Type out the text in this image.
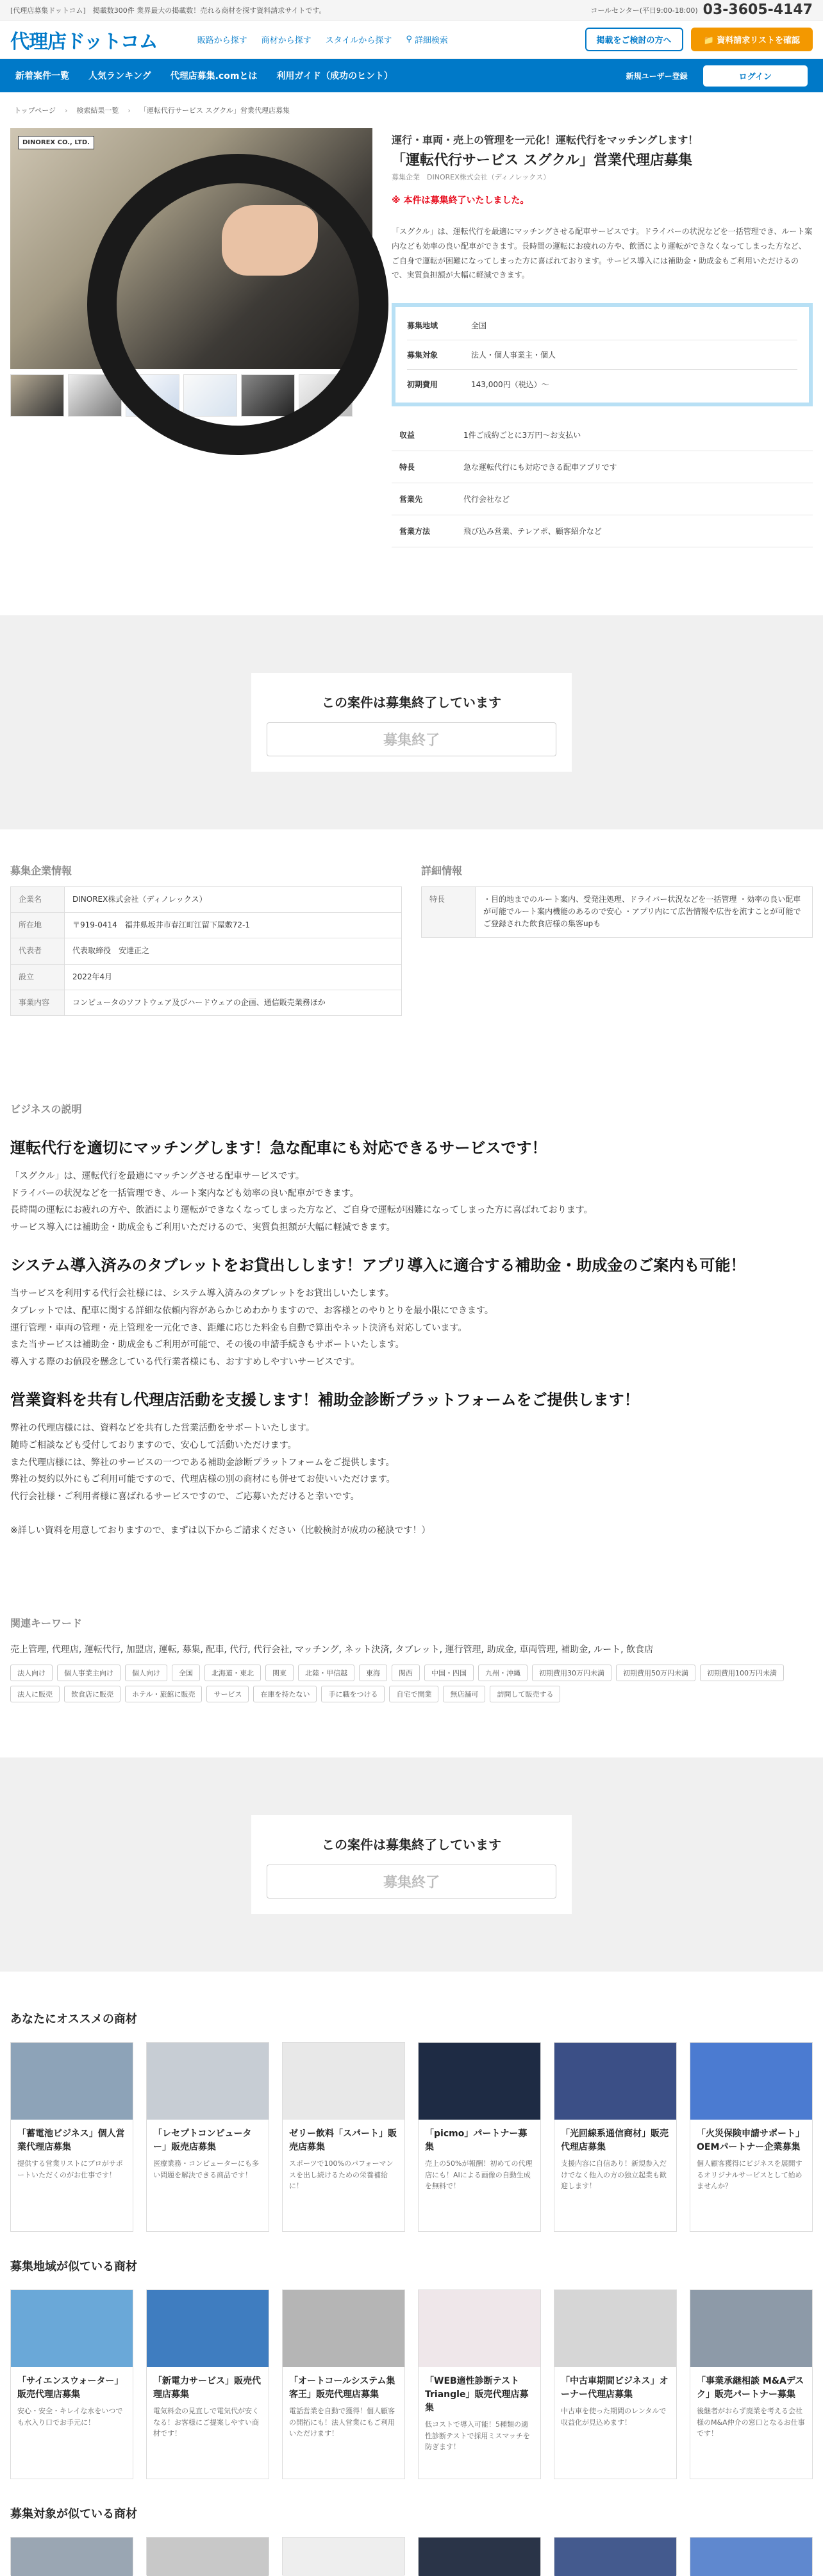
[代理店募集ドットコム]　掲載数300件 業界最大の掲載数！売れる商材を探す資料請求サイトです。	コールセンター(平日9:00-18:00) 03-3605-4147
代理店ドットコム	販路から探す 商材から探す スタイルから探す ⚲ 詳細検索	掲載をご検討の方へ	📁 資料請求リストを確認
新着案件一覧 人気ランキング 代理店募集.comとは 利用ガイド（成功のヒント）	新規ユーザー登録	ログイン
トップページ › 検索結果一覧 › 「運転代行サービス スグクル」営業代理店募集
DINOREX CO., LTD.	運行・車両・売上の管理を一元化！運転代行をマッチングします！
「運転代行サービス スグクル」営業代理店募集
募集企業　DINOREX株式会社（ディノレックス）
※ 本件は募集終了いたしました。

「スグクル」は、運転代行を最適にマッチングさせる配車サービスです。ドライバーの状況などを一括管理でき、ルート案内なども効率の良い配車ができます。長時間の運転にお疲れの方や、飲酒により運転ができなくなってしまった方など、ご自身で運転が困難になってしまった方に喜ばれております。サービス導入には補助金・助成金もご利用いただけるので、実質負担額が大幅に軽減できます。

募集地域	全国
募集対象	法人・個人事業主・個人
初期費用	143,000円（税込）～
収益	1件ご成約ごとに3万円〜お支払い
特長	急な運転代行にも対応できる配車アプリです
営業先	代行会社など
営業方法	飛び込み営業、テレアポ、顧客紹介など
この案件は募集終了しています
募集終了
募集企業情報
企業名	DINOREX株式会社（ディノレックス）
所在地	〒919-0414　福井県坂井市春江町江留下屋敷72-1
代表者	代表取締役　安達正之
設立	2022年4月
事業内容	コンピュータのソフトウェア及びハードウェアの企画、通信販売業務ほか
詳細情報
特長	・目的地までのルート案内、受発注処理、ドライバー状況などを一括管理 ・効率の良い配車が可能でルート案内機能のあるので安心 ・アプリ内にて広告情報や広告を流すことが可能でご登録された飲食店様の集客upも
ビジネスの説明
運転代行を適切にマッチングします！急な配車にも対応できるサービスです！

「スグクル」は、運転代行を最適にマッチングさせる配車サービスです。

ドライバーの状況などを一括管理でき、ルート案内なども効率の良い配車ができます。

長時間の運転にお疲れの方や、飲酒により運転ができなくなってしまった方など、ご自身で運転が困難になってしまった方に喜ばれております。

サービス導入には補助金・助成金もご利用いただけるので、実質負担額が大幅に軽減できます。

システム導入済みのタブレットをお貸出しします！アプリ導入に適合する補助金・助成金のご案内も可能！

当サービスを利用する代行会社様には、システム導入済みのタブレットをお貸出しいたします。

タブレットでは、配車に関する詳細な依頼内容があらかじめわかりますので、お客様とのやりとりを最小限にできます。

運行管理・車両の管理・売上管理を一元化でき、距離に応じた料金も自動で算出やネット決済も対応しています。

また当サービスは補助金・助成金もご利用が可能で、その後の申請手続きもサポートいたします。

導入する際のお値段を懸念している代行業者様にも、おすすめしやすいサービスです。

営業資料を共有し代理店活動を支援します！補助金診断プラットフォームをご提供します！

弊社の代理店様には、資料などを共有した営業活動をサポートいたします。

随時ご相談なども受付しておりますので、安心して活動いただけます。

また代理店様には、弊社のサービスの一つである補助金診断プラットフォームをご提供します。

弊社の契約以外にもご利用可能ですので、代理店様の別の商材にも併せてお使いいただけます。

代行会社様・ご利用者様に喜ばれるサービスですので、ご応募いただけると幸いです。

※詳しい資料を用意しておりますので、まずは以下からご請求ください（比較検討が成功の秘訣です！）

関連キーワード
売上管理, 代理店, 運転代行, 加盟店, 運転, 募集, 配車, 代行, 代行会社, マッチング, ネット決済, タブレット, 運行管理, 助成金, 車両管理, 補助金, ルート, 飲食店
法人向け	個人事業主向け	個人向け	全国	北海道・東北	関東	北陸・甲信越	東海	関西	中国・四国	九州・沖縄	初期費用30万円未満	初期費用50万円未満	初期費用100万円未満
法人に販売	飲食店に販売	ホテル・旅館に販売	サービス	在庫を持たない	手に職をつける	自宅で開業	無店舗可	訪問して販売する
この案件は募集終了しています
募集終了
あなたにオススメの商材
「蓄電池ビジネス」個人営業代理店募集
提供する営業リストにプロがサポートいただくのがお仕事です！
「レセプトコンピューター」販売店募集
医療業務・コンピューターにも多い問題を解決できる商品です！
ゼリー飲料「スパート」販売店募集
スポーツで100%のパフォーマンスを出し続けるための栄養補給に！
「picmo」パートナー募集
売上の50%が報酬！初めての代理店にも！AIによる画像の自動生成を無料で！
「光回線系通信商材」販売代理店募集
支援内容に自信あり！新規参入だけでなく他入の方の独立起業も歓迎します！
「火災保険申請サポート」OEMパートナー企業募集
個人顧客獲得にビジネスを展開するオリジナルサービスとして始めませんか？
募集地域が似ている商材
「サイエンスウォーター」販売代理店募集
安心・安全・キレイな水をいつでも水入り口でお手元に！
「新電力サービス」販売代理店募集
電気料金の見直しで電気代が安くなる！お客様にご提案しやすい商材です！
「オートコールシステム集客王」販売代理店募集
電話営業を自動で獲得！個人顧客の開拓にも！法人営業にもご利用いただけます！
「WEB適性診断テスト Triangle」販売代理店募集
低コストで導入可能！5種類の適性診断テストで採用ミスマッチを防ぎます！
「中古車期間ビジネス」オーナー代理店募集
中古車を使った期間のレンタルで収益化が見込めます！
「事業承継相談 M&Aデスク」販売パートナー募集
後継者がおらず廃業を考える会社様のM&A仲介の窓口となるお仕事です！
募集対象が似ている商材
